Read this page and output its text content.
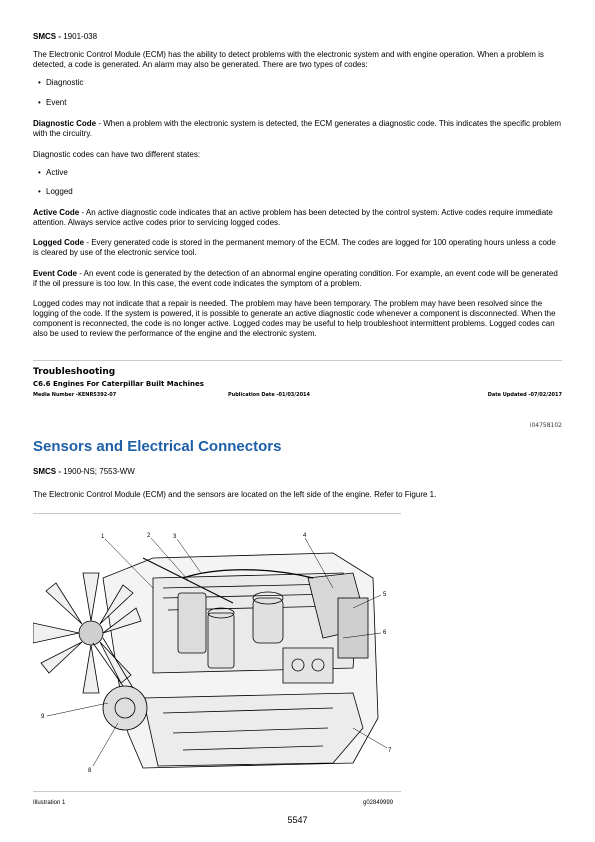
SMCS - 1901-038

The Electronic Control Module (ECM) has the ability to detect problems with the electronic system and with engine operation. When a problem is detected, a code is generated. An alarm may also be generated. There are two types of codes:

• Diagnostic

• Event

Diagnostic Code - When a problem with the electronic system is detected, the ECM generates a diagnostic code. This indicates the specific problem with the circuitry.

Diagnostic codes can have two different states:

• Active

• Logged

Active Code - An active diagnostic code indicates that an active problem has been detected by the control system. Active codes require immediate attention. Always service active codes prior to servicing logged codes.

Logged Code - Every generated code is stored in the permanent memory of the ECM. The codes are logged for 100 operating hours unless a code is cleared by use of the electronic service tool.

Event Code - An event code is generated by the detection of an abnormal engine operating condition. For example, an event code will be generated if the oil pressure is too low. In this case, the event code indicates the symptom of a problem.

Logged codes may not indicate that a repair is needed. The problem may have been temporary. The problem may have been resolved since the logging of the code. If the system is powered, it is possible to generate an active diagnostic code whenever a component is disconnected. When the component is reconnected, the code is no longer active. Logged codes may be useful to help troubleshoot intermittent problems. Logged codes can also be used to review the performance of the engine and the electronic system.

Troubleshooting

C6.6 Engines For Caterpillar Built Machines

Media Number -KENR5392-07	Publication Date -01/03/2014	Date Updated -07/02/2017

i04758102

Sensors and Electrical Connectors

SMCS - 1900-NS; 7553-WW

The Electronic Control Module (ECM) and the sensors are located on the left side of the engine. Refer to Figure 1.

1	2	3	4
5
6
7
8
9

Illustration 1	g02849999

5547
